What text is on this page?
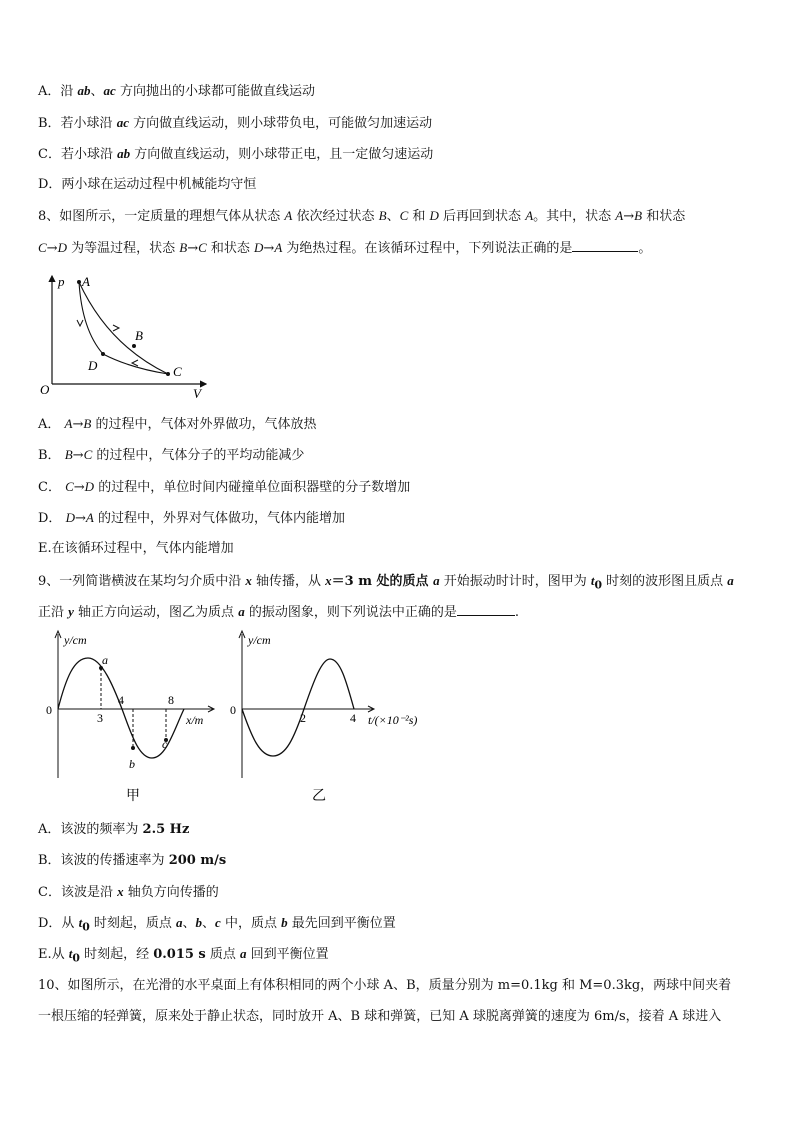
A．沿 ab、ac 方向抛出的小球都可能做直线运动
B．若小球沿 ac 方向做直线运动，则小球带负电，可能做匀加速运动
C．若小球沿 ab 方向做直线运动，则小球带正电，且一定做匀速运动
D．两小球在运动过程中机械能均守恒
8、如图所示，一定质量的理想气体从状态 A 依次经过状态 B、C 和 D 后再回到状态 A。其中，状态 A→B 和状态
C→D 为等温过程，状态 B→C 和状态 D→A 为绝热过程。在该循环过程中，下列说法正确的是	。
p
V
O
A
B
C
D
A． A→B 的过程中，气体对外界做功，气体放热
B． B→C 的过程中，气体分子的平均动能减少
C． C→D 的过程中，单位时间内碰撞单位面积器壁的分子数增加
D． D→A 的过程中，外界对气体做功，气体内能增加
E.在该循环过程中，气体内能增加
9、一列简谐横波在某均匀介质中沿 x 轴传播，从 x＝3 m 处的质点 a 开始振动时计时，图甲为 $t_0$ 时刻的波形图且质点 a
正沿 y 轴正方向运动，图乙为质点 a 的振动图象，则下列说法中正确的是	.
y/cm
x/m
0
3
4	8
a
b
c
甲
y/cm
t/(×10⁻²s)
0
2	4
乙
A．该波的频率为 2.5 Hz
B．该波的传播速率为 200 m/s
C．该波是沿 x 轴负方向传播的
D．从 $t_0$ 时刻起，质点 a、b、c 中，质点 b 最先回到平衡位置
E.从 $t_0$ 时刻起，经 0.015 s 质点 a 回到平衡位置
10、如图所示，在光滑的水平桌面上有体积相同的两个小球 A、B，质量分别为 m=0.1kg 和 M=0.3kg，两球中间夹着
一根压缩的轻弹簧，原来处于静止状态，同时放开 A、B 球和弹簧，已知 A 球脱离弹簧的速度为 6m/s，接着 A 球进入
